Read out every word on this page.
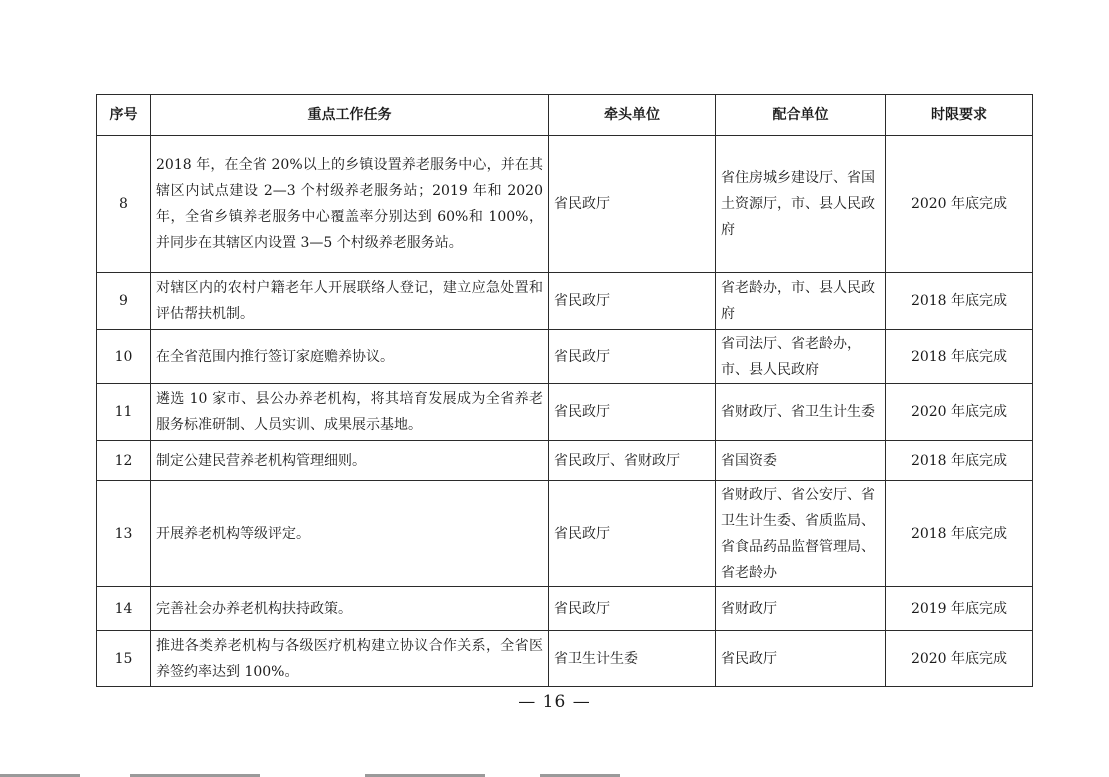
序号	重点工作任务	牵头单位	配合单位	时限要求
8	2018 年，在全省 20%以上的乡镇设置养老服务中心，并在其辖区内试点建设 2—3 个村级养老服务站；2019 年和 2020 年，全省乡镇养老服务中心覆盖率分别达到 60%和 100%，并同步在其辖区内设置 3—5 个村级养老服务站。	省民政厅	省住房城乡建设厅、省国土资源厅，市、县人民政府	2020 年底完成
9	对辖区内的农村户籍老年人开展联络人登记，建立应急处置和评估帮扶机制。	省民政厅	省老龄办，市、县人民政府	2018 年底完成
10	在全省范围内推行签订家庭赡养协议。	省民政厅	省司法厅、省老龄办，市、县人民政府	2018 年底完成
11	遴选 10 家市、县公办养老机构，将其培育发展成为全省养老服务标准研制、人员实训、成果展示基地。	省民政厅	省财政厅、省卫生计生委	2020 年底完成
12	制定公建民营养老机构管理细则。	省民政厅、省财政厅	省国资委	2018 年底完成
13	开展养老机构等级评定。	省民政厅	省财政厅、省公安厅、省卫生计生委、省质监局、省食品药品监督管理局、省老龄办	2018 年底完成
14	完善社会办养老机构扶持政策。	省民政厅	省财政厅	2019 年底完成
15	推进各类养老机构与各级医疗机构建立协议合作关系，全省医养签约率达到 100%。	省卫生计生委	省民政厅	2020 年底完成
— 16 —
